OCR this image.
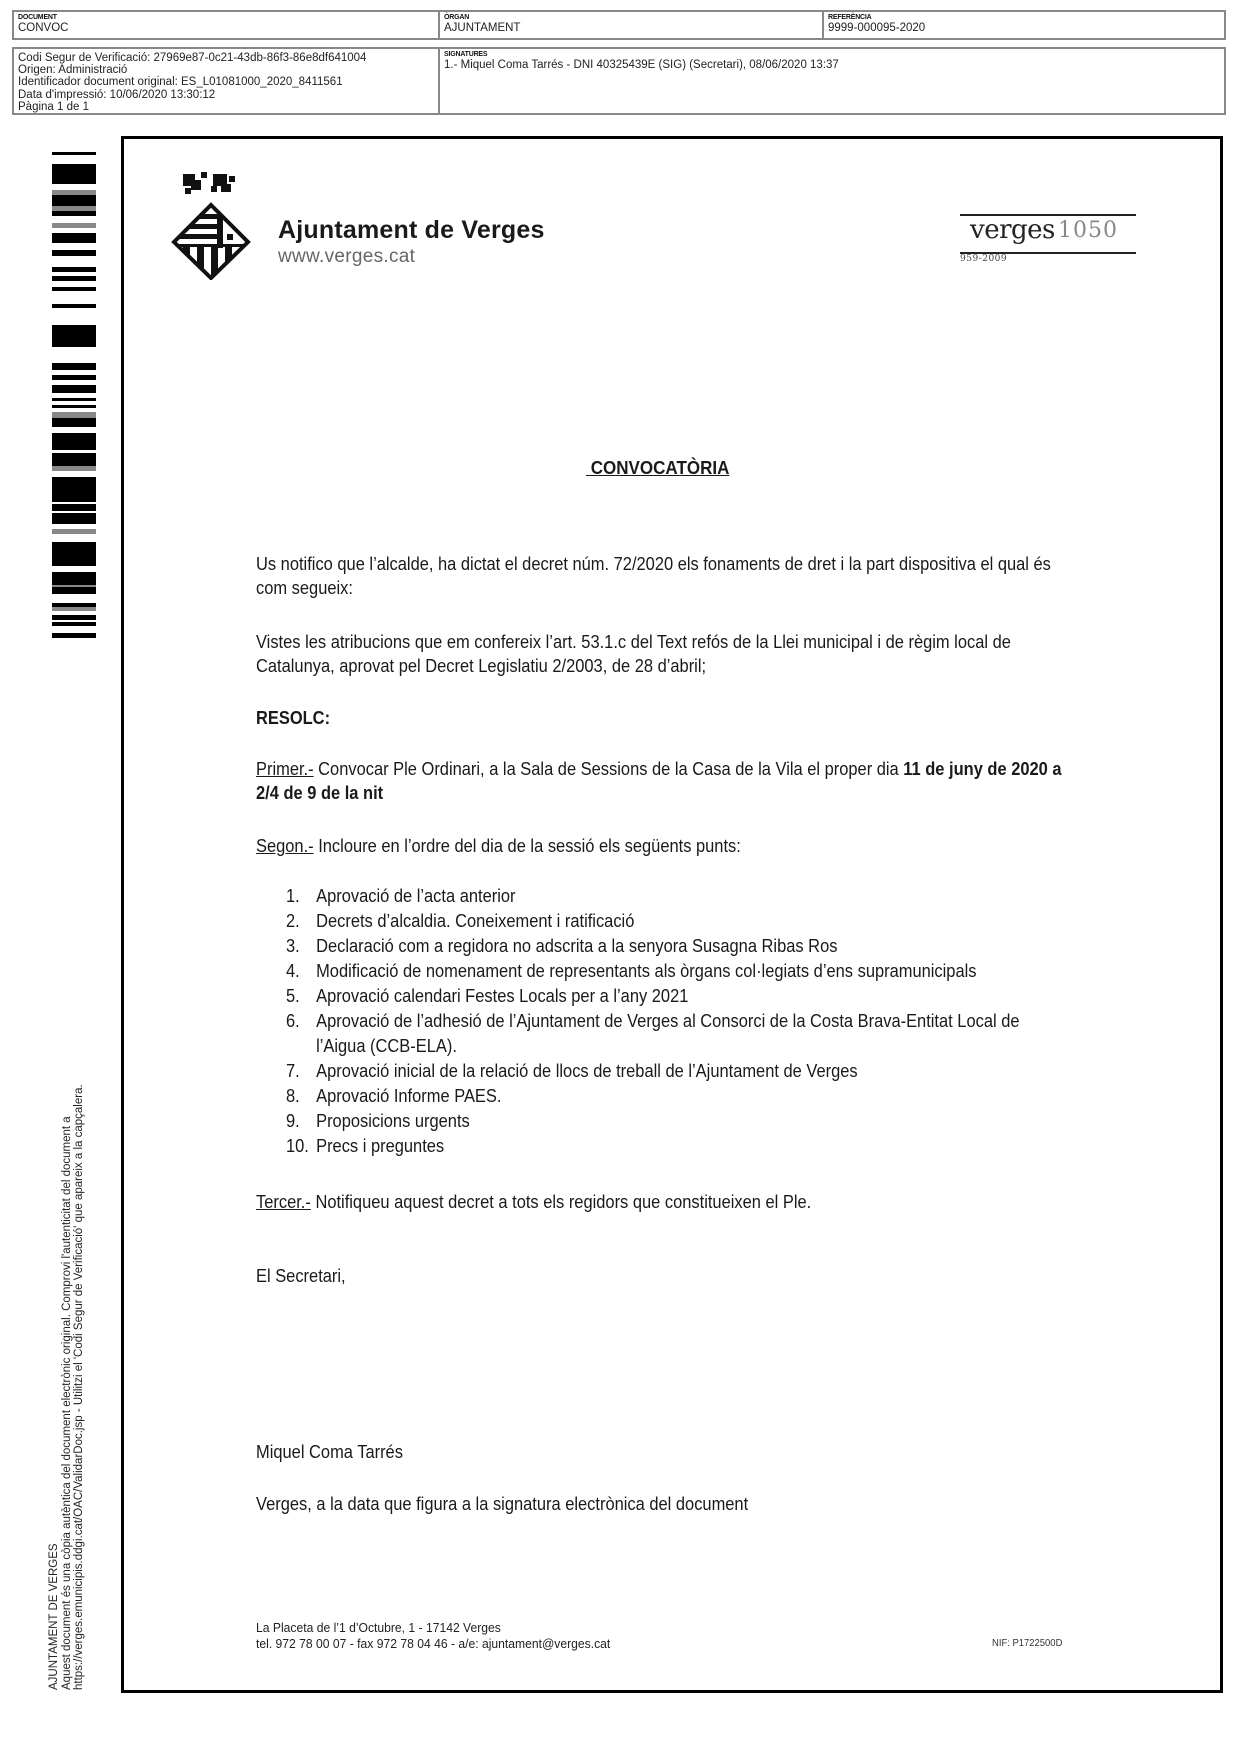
DOCUMENT
CONVOC
ÒRGAN
AJUNTAMENT
REFERÈNCIA
9999-000095-2020
Codi Segur de Verificació: 27969e87-0c21-43db-86f3-86e8df641004
Origen: Administració
Identificador document original: ES_L01081000_2020_8411561
Data d'impressió: 10/06/2020 13:30:12
Pàgina 1 de 1
SIGNATURES
1.- Miquel Coma Tarrés - DNI 40325439E (SIG) (Secretari), 08/06/2020 13:37
AJUNTAMENT DE VERGES Aquest document és una còpia autèntica del document electrònic original. Comprovi l'autenticitat del document a https://verges.emunicipis.ddgi.cat/OAC/ValidarDoc.jsp - Utilitzi el 'Codi Segur de Verificació' que apareix a la capçalera.
Ajuntament de Verges
www.verges.cat
verges 1050
959-2009
CONVOCATÒRIA
Us notifico que l’alcalde, ha dictat el decret núm. 72/2020 els fonaments de dret i la part dispositiva el qual és com segueix:
Vistes les atribucions que em confereix l’art. 53.1.c del Text refós de la Llei municipal i de règim local de Catalunya, aprovat pel Decret Legislatiu 2/2003, de 28 d’abril;
RESOLC:
Primer.- Convocar Ple Ordinari, a la Sala de Sessions de la Casa de la Vila el proper dia 11 de juny de 2020 a 2/4 de 9 de la nit
Segon.- Incloure en l’ordre del dia de la sessió els següents punts:
1. Aprovació de l’acta anterior
2. Decrets d’alcaldia. Coneixement i ratificació
3. Declaració com a regidora no adscrita a la senyora Susagna Ribas Ros
4. Modificació de nomenament de representants als òrgans col·legiats d’ens supramunicipals
5. Aprovació calendari Festes Locals per a l’any 2021
6. Aprovació de l’adhesió de l’Ajuntament de Verges al Consorci de la Costa Brava-Entitat Local de l’Aigua (CCB-ELA).
7. Aprovació inicial de la relació de llocs de treball de l’Ajuntament de Verges
8. Aprovació Informe PAES.
9. Proposicions urgents
10. Precs i preguntes
Tercer.- Notifiqueu aquest decret a tots els regidors que constitueixen el Ple.
El Secretari,
Miquel Coma Tarrés
Verges, a la data que figura a la signatura electrònica del document
La Placeta de l’1 d’Octubre, 1 - 17142 Verges
tel. 972 78 00 07 - fax 972 78 04 46 - a/e: ajuntament@verges.cat	NIF: P1722500D
